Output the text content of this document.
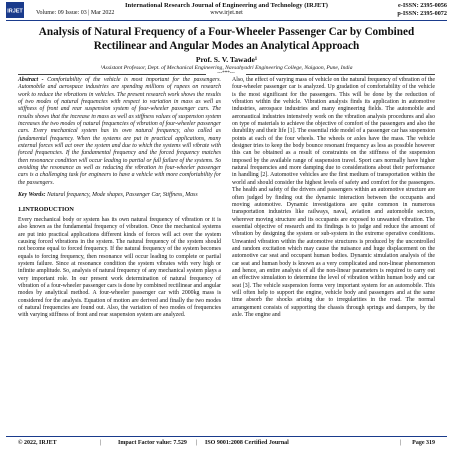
IRJET
International Research Journal of Engineering and Technology (IRJET)	e-ISSN: 2395-0056
Volume: 09 Issue: 03 | Mar 2022	www.irjet.net	p-ISSN: 2395-0072
Analysis of Natural Frequency of a Four-Wheeler Passenger Car by Combined Rectilinear and Angular Modes an Analytical Approach
Prof. S. V. Tawade¹
¹Assistant Professor, Dept. of Mechanical Engineering, Navsahyadri Engineering College, Naigaon, Pune, India
---***---

Abstract - Comfortability of the vehicle is most important for the passengers. Automobile and aerospace industries are spending millions of rupees on research work to reduce the vibrations in vehicles. The present research work shows the results of two modes of natural frequencies with respect to variation in mass as well as stiffness of front and rear suspension system of four-wheeler passenger cars. The results shows that the increase in mass as well as stiffness values of suspension system increases the two modes of natural frequencies of vibration of four-wheeler passenger cars. Every mechanical system has its own natural frequency, also called as fundamental frequency. When the systems are put in practical applications, many external forces will act over the system and due to which the systems will vibrate with forced frequencies. If the fundamental frequency and the forced frequency matches then resonance condition will occur leading to partial or full failure of the systems. So avoiding the resonance as well as reducing the vibration in four-wheeler passenger cars is a challenging task for engineers to have a vehicle with more comfortability for the passengers.

Key Words: Natural frequency, Mode shapes, Passenger Car, Stiffness, Mass

1.INTRODUCTION

Every mechanical body or system has its own natural frequency of vibration or it is also known as the fundamental frequency of vibration. Once the mechanical systems are put into practical applications different kinds of forces will act over the system causing forced vibrations in the system. The natural frequency of the system should not become equal to forced frequency. If the natural frequency of the system becomes equals to forcing frequency, then resonance will occur leading to complete or partial system failure. Since at resonance condition the system vibrates with very high or infinite amplitude. So, analysis of natural frequency of any mechanical system plays a very important role. In our present work determination of natural frequency of vibration of a four-wheeler passenger cars is done by combined rectilinear and angular modes by analytical method. A four-wheeler passenger car with 2000kg mass is considered for the analysis. Equation of motion are derived and finally the two modes of natural frequencies are found out. Also, the variation of two modes of frequencies with varying stiffness of front and rear suspension system are analyzed.

Also, the effect of varying mass of vehicle on the natural frequency of vibration of the four-wheeler passenger car is analyzed. Up gradation of comfortability of the vehicle is the most significant for the passengers. This will be done by the reduction of vibration within the vehicle. Vibration analysis finds its application in automotive industries, aerospace industries and many engineering fields. The automobile and aeronautical industries intensively work on the vibration analysis procedures and also on type of materials to achieve the objective of comfort of the passengers and also the durability and their life [1]. The essential ride model of a passenger car has suspension points at each of the four wheels. The wheels or axles have the mass. The vehicle designer tries to keep the body bounce resonant frequency as less as possible however this can be obtained as a result of constraints on the stiffness of the suspension imposed by the available range of suspension travel. Sport cars normally have higher natural frequencies and more damping due to considerations about their performance in handling [2]. Automotive vehicles are the first medium of transportation within the world and should consider the highest levels of safety and comfort for the passengers. The health and safety of the drivers and passengers within an automotive structure are often judged by finding out the dynamic interaction between the occupants and moving automotive. Dynamic investigations are quite common in numerous transportation industries like railways, naval, aviation and automobile sectors, wherever moving structure and its occupants are exposed to unwanted vibration. The essential objective of research and its findings is to judge and reduce the amount of vibration by designing the system or sub-system in the extreme operative conditions. Unwanted vibration within the automotive structures is produced by the uncontrolled and random excitation which may cause the nuisance and huge displacement on the automotive car seat and occupant human bodies. Dynamic simulation analysis of the car seat and human body is known as a very complicated and non-linear phenomenon and hence, an entire analysis of all the non-linear parameters is required to carry out an effective simulation to determine the level of vibration within human body and car seat [3]. The vehicle suspension forms very important system for an automobile. This will often help to support the engine, vehicle body and passengers and at the same time absorb the shocks arising due to irregularities in the road. The normal arrangement consists of supporting the chassis through springs and dampers, by the axle. The engine and

© 2022, IRJET	|	Impact Factor value: 7.529 | ISO 9001:2008 Certified Journal	| Page 319
